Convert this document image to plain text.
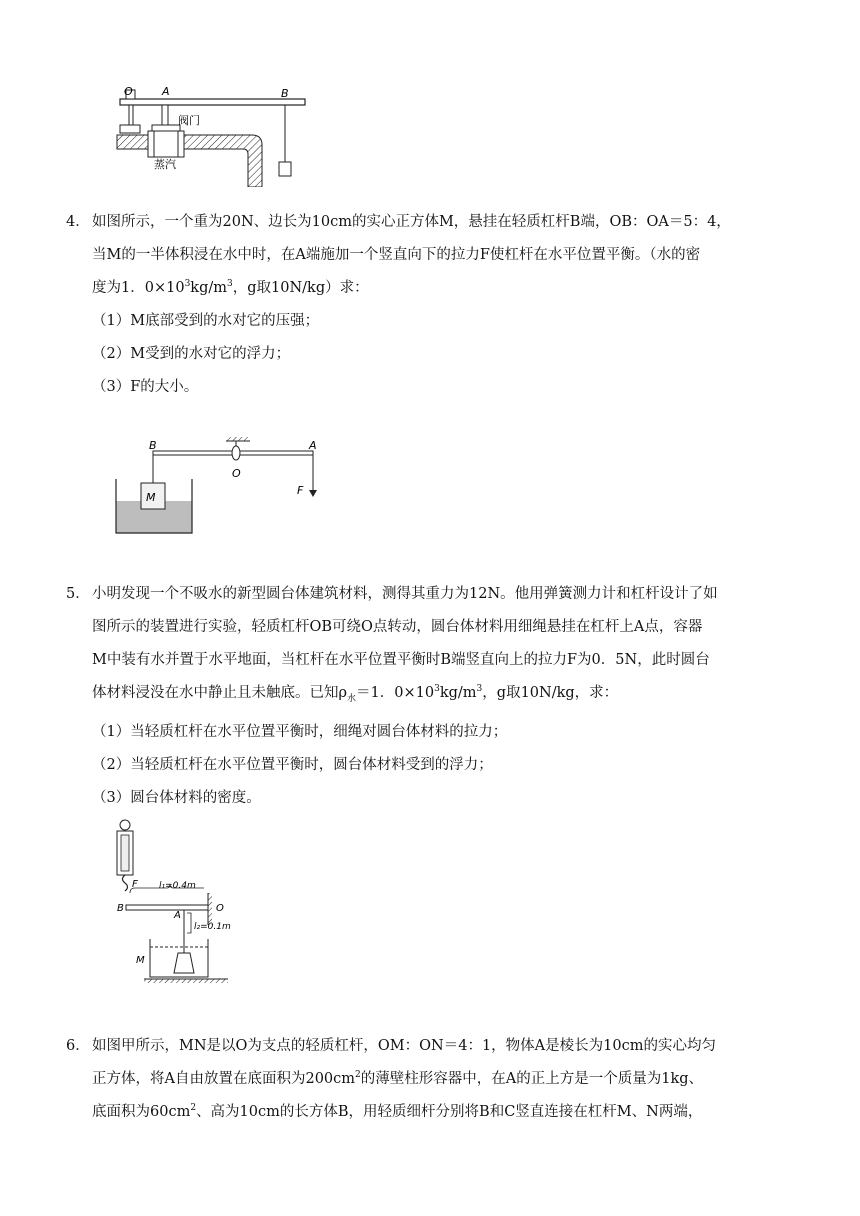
O	A	B
阀门
蒸汽

4． 如图所示，一个重为20N、边长为10cm的实心正方体M，悬挂在轻质杠杆B端，OB：OA＝5：4，

当M的一半体积浸在水中时，在A端施加一个竖直向下的拉力F使杠杆在水平位置平衡。（水的密

度为1．$0\times 10^3kg/m^3$，g取10N/kg）求：

（1）M底部受到的水对它的压强；

（2）M受到的水对它的浮力；

（3）F的大小。

M
B
O
A
F

5． 小明发现一个不吸水的新型圆台体建筑材料，测得其重力为12N。他用弹簧测力计和杠杆设计了如

图所示的装置进行实验，轻质杠杆OB可绕O点转动，圆台体材料用细绳悬挂在杠杆上A点，容器

M中装有水并置于水平地面，当杠杆在水平位置平衡时B端竖直向上的拉力F为0．5N，此时圆台

体材料浸没在水中静止且未触底。已知$\rho_水=1$．$0\times 10^3kg/m^3$，g取10N/kg，求：

（1）当轻质杠杆在水平位置平衡时，细绳对圆台体材料的拉力；

（2）当轻质杠杆在水平位置平衡时，圆台体材料受到的浮力；

（3）圆台体材料的密度。

F l₁=0.4m
B
A
O
l₂=0.1m
M

6． 如图甲所示，MN是以O为支点的轻质杠杆，OM：ON＝4：1，物体A是棱长为10cm的实心均匀

正方体，将A自由放置在底面积为$200cm^2$的薄壁柱形容器中，在A的正上方是一个质量为1kg、

底面积为$60cm^2$、高为10cm的长方体B，用轻质细杆分别将B和C竖直连接在杠杆M、N两端，
